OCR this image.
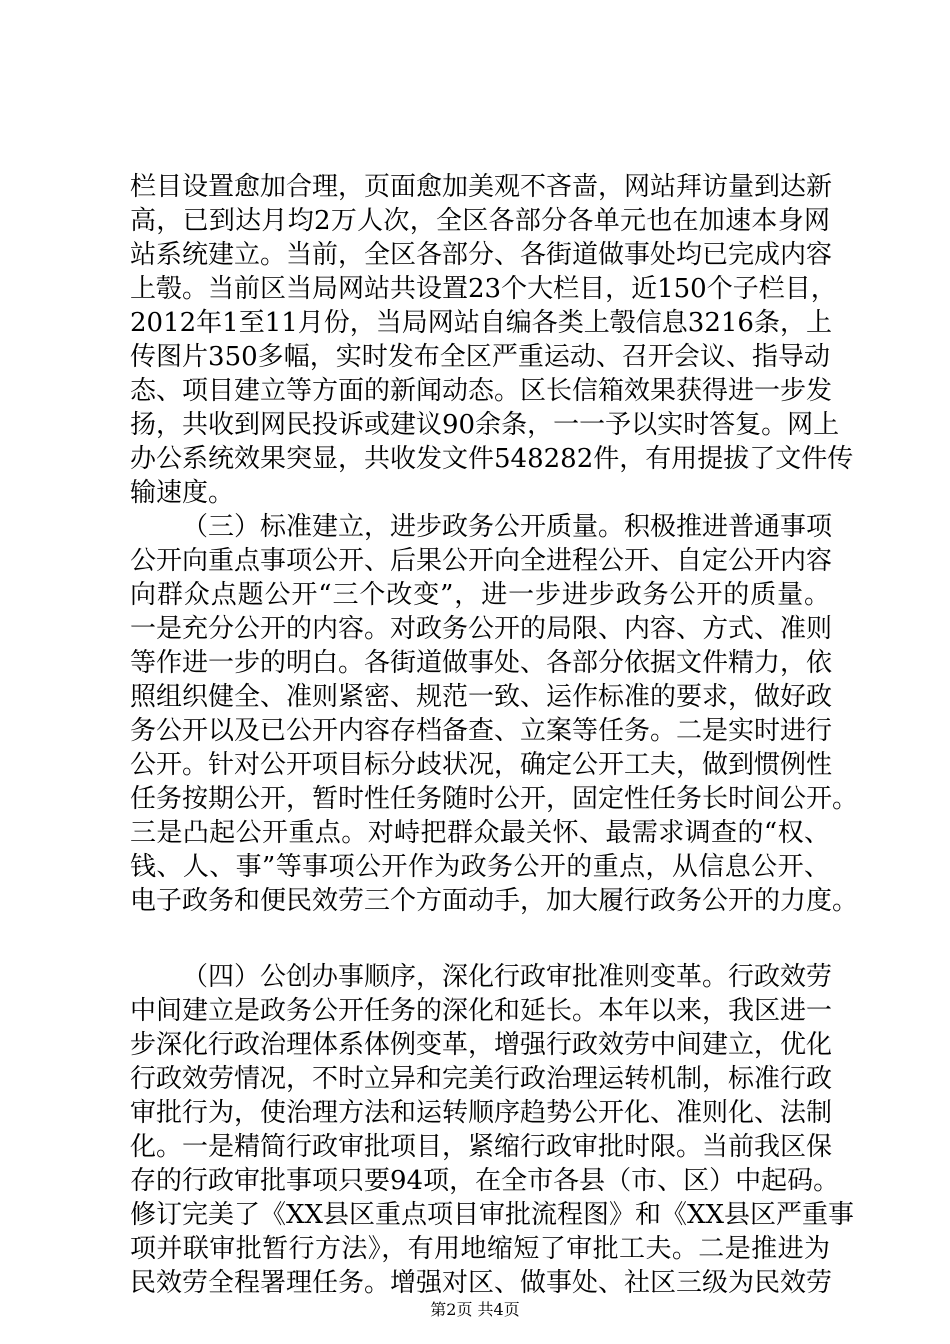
栏目设置愈加合理，页面愈加美观不吝啬，网站拜访量到达新
高，已到达月均2万人次，全区各部分各单元也在加速本身网
站系统建立。当前，全区各部分、各街道做事处均已完成内容
上彀。当前区当局网站共设置23个大栏目，近150个子栏目，
2012年1至11月份，当局网站自编各类上彀信息3216条，上
传图片350多幅，实时发布全区严重运动、召开会议、指导动
态、项目建立等方面的新闻动态。区长信箱效果获得进一步发
扬，共收到网民投诉或建议90余条，一一予以实时答复。网上
办公系统效果突显，共收发文件548282件，有用提拔了文件传
输速度。
（三）标准建立，进步政务公开质量。积极推进普通事项
公开向重点事项公开、后果公开向全进程公开、自定公开内容
向群众点题公开“三个改变”，进一步进步政务公开的质量。
一是充分公开的内容。对政务公开的局限、内容、方式、准则
等作进一步的明白。各街道做事处、各部分依据文件精力，依
照组织健全、准则紧密、规范一致、运作标准的要求，做好政
务公开以及已公开内容存档备查、立案等任务。二是实时进行
公开。针对公开项目标分歧状况，确定公开工夫，做到惯例性
任务按期公开，暂时性任务随时公开，固定性任务长时间公开。
三是凸起公开重点。对峙把群众最关怀、最需求调查的“权、
钱、人、事”等事项公开作为政务公开的重点，从信息公开、
电子政务和便民效劳三个方面动手，加大履行政务公开的力度。
（四）公创办事顺序，深化行政审批准则变革。行政效劳
中间建立是政务公开任务的深化和延长。本年以来，我区进一
步深化行政治理体系体例变革，增强行政效劳中间建立，优化
行政效劳情况，不时立异和完美行政治理运转机制，标准行政
审批行为，使治理方法和运转顺序趋势公开化、准则化、法制
化。一是精简行政审批项目，紧缩行政审批时限。当前我区保
存的行政审批事项只要94项，在全市各县（市、区）中起码。
修订完美了《XX县区重点项目审批流程图》和《XX县区严重事
项并联审批暂行方法》，有用地缩短了审批工夫。二是推进为
民效劳全程署理任务。增强对区、做事处、社区三级为民效劳
第2页 共4页
